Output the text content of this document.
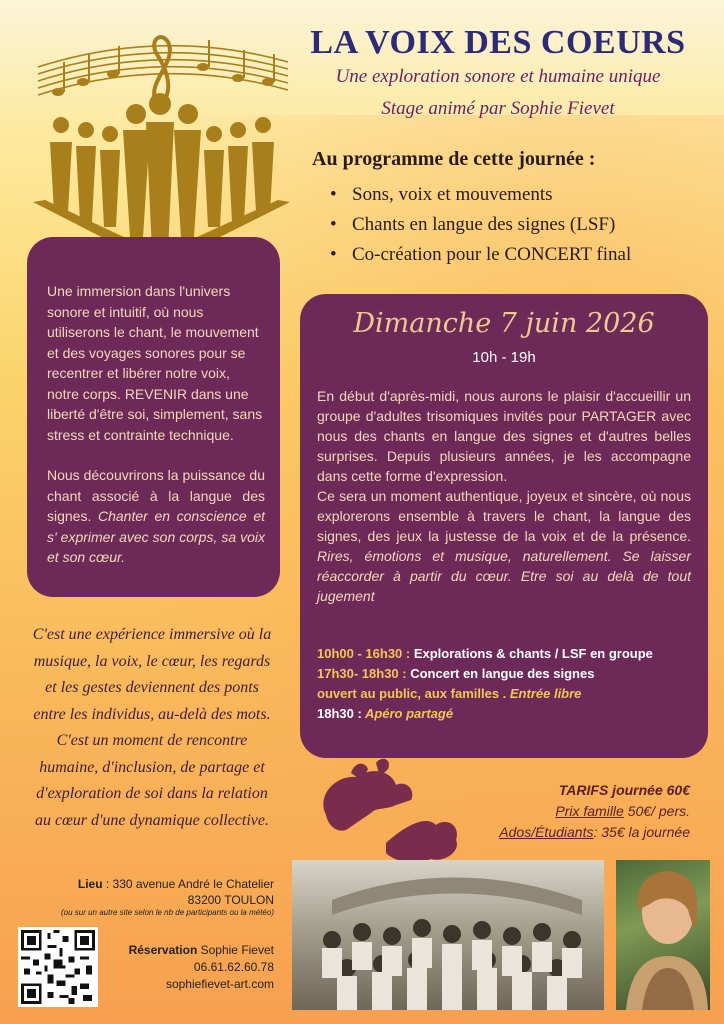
LA VOIX DES COEURS
Une exploration sonore et humaine unique
Stage animé par Sophie Fievet
Au programme de cette journée :
• Sons, voix et mouvements
• Chants en langue des signes (LSF)
• Co-création pour le CONCERT final

Une immersion dans l'univers sonore et intuitif, où nous utiliserons le chant, le mouvement et des voyages sonores pour se recentrer et libérer notre voix, notre corps. REVENIR dans une liberté d'être soi, simplement, sans stress et contrainte technique.

Nous découvrirons la puissance du chant associé à la langue des signes. Chanter en conscience et s' exprimer avec son corps, sa voix et son cœur.

Dimanche 7 juin 2026
10h - 19h

En début d'après-midi, nous aurons le plaisir d'accueillir un groupe d'adultes trisomiques invités pour PARTAGER avec nous des chants en langue des signes et d'autres belles surprises. Depuis plusieurs années, je les accompagne dans cette forme d'expression.

Ce sera un moment authentique, joyeux et sincère, où nous explorerons ensemble à travers le chant, la langue des signes, des jeux la justesse de la voix et de la présence. Rires, émotions et musique, naturellement. Se laisser réaccorder à partir du cœur. Etre soi au delà de tout jugement

10h00 - 16h30 : Explorations & chants / LSF en groupe
17h30- 18h30 : Concert en langue des signes
ouvert au public, aux familles . Entrée libre
18h30 : Apéro partagé
C'est une expérience immersive où la musique, la voix, le cœur, les regards et les gestes deviennent des ponts entre les individus, au-delà des mots. C'est un moment de rencontre humaine, d'inclusion, de partage et d'exploration de soi dans la relation au cœur d'une dynamique collective.
TARIFS journée 60€
Prix famille 50€/ pers.
Ados/Étudiants: 35€ la journée
Lieu : 330 avenue André le Chatelier
83200 TOULON
(ou sur un autre site selon le nb de participants ou la météo)
Réservation Sophie Fievet
06.61.62.60.78
sophiefievet-art.com
